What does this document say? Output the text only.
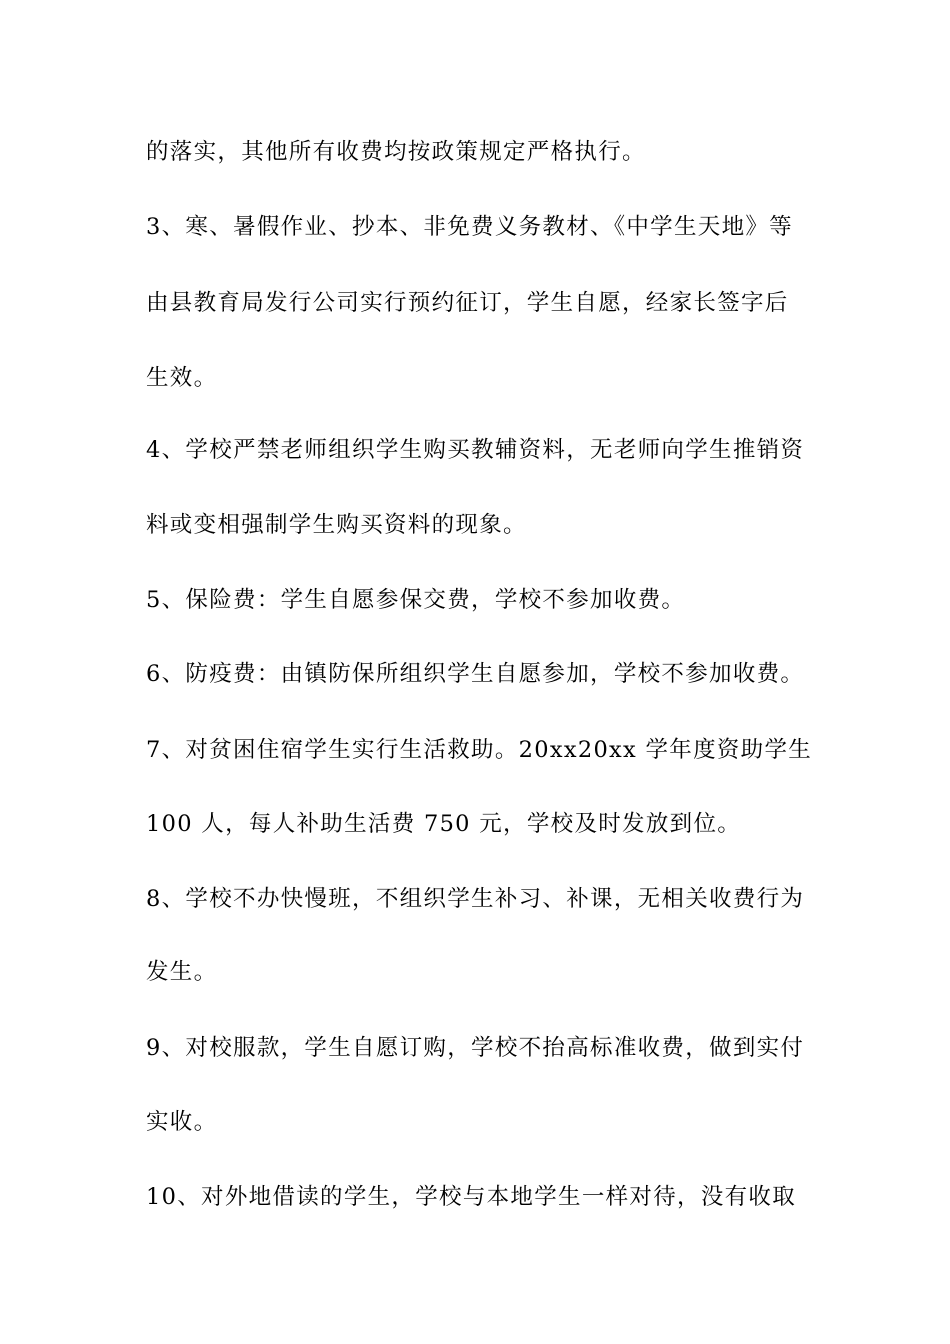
的落实，其他所有收费均按政策规定严格执行。
3、寒、暑假作业、抄本、非免费义务教材、《中学生天地》等
由县教育局发行公司实行预约征订，学生自愿，经家长签字后
生效。
4、学校严禁老师组织学生购买教辅资料，无老师向学生推销资
料或变相强制学生购买资料的现象。
5、保险费：学生自愿参保交费，学校不参加收费。
6、防疫费：由镇防保所组织学生自愿参加，学校不参加收费。
7、对贫困住宿学生实行生活救助。20xx20xx 学年度资助学生
100 人，每人补助生活费 750 元，学校及时发放到位。
8、学校不办快慢班，不组织学生补习、补课，无相关收费行为
发生。
9、对校服款，学生自愿订购，学校不抬高标准收费，做到实付
实收。
10、对外地借读的学生，学校与本地学生一样对待，没有收取
